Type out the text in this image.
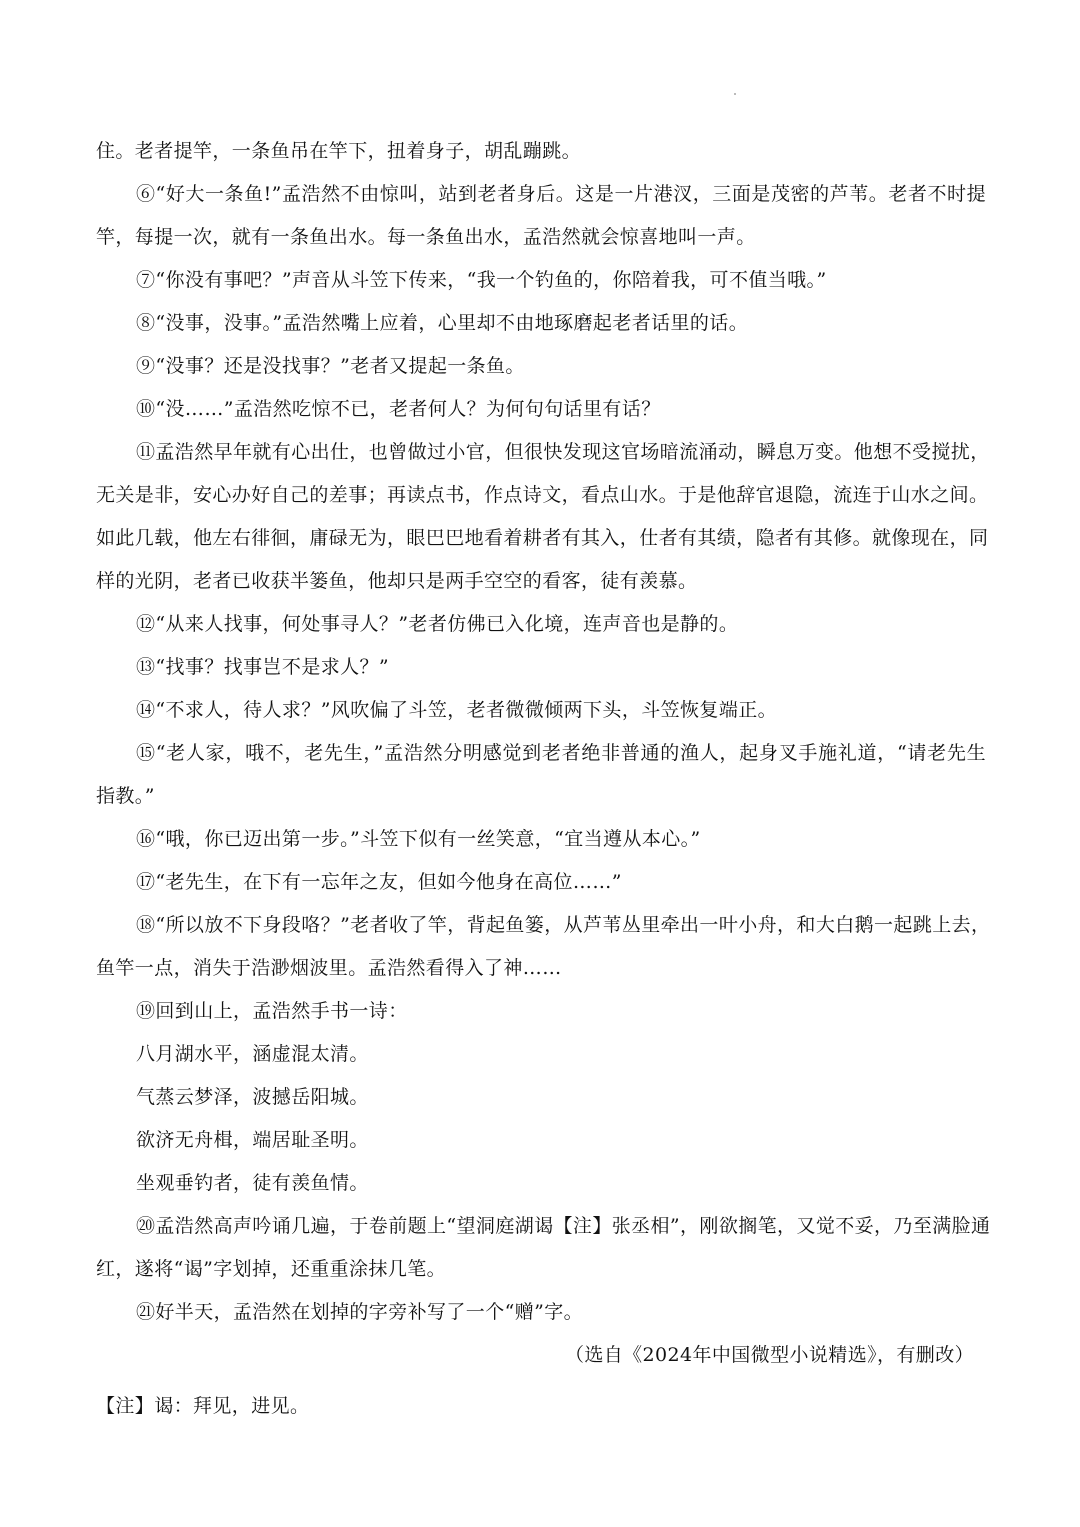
住。老者提竿，一条鱼吊在竿下，扭着身子，胡乱蹦跳。

⑥“好大一条鱼!”孟浩然不由惊叫，站到老者身后。这是一片港汊，三面是茂密的芦苇。老者不时提

竿，每提一次，就有一条鱼出水。每一条鱼出水，孟浩然就会惊喜地叫一声。

⑦“你没有事吧？”声音从斗笠下传来，“我一个钓鱼的，你陪着我，可不值当哦。”

⑧“没事，没事。”孟浩然嘴上应着，心里却不由地琢磨起老者话里的话。

⑨“没事？还是没找事？”老者又提起一条鱼。

⑩“没……”孟浩然吃惊不已，老者何人？为何句句话里有话？

⑪孟浩然早年就有心出仕，也曾做过小官，但很快发现这官场暗流涌动，瞬息万变。他想不受搅扰，

无关是非，安心办好自己的差事；再读点书，作点诗文，看点山水。于是他辞官退隐，流连于山水之间。

如此几载，他左右徘徊，庸碌无为，眼巴巴地看着耕者有其入，仕者有其绩，隐者有其修。就像现在，同

样的光阴，老者已收获半篓鱼，他却只是两手空空的看客，徒有羡慕。

⑫“从来人找事，何处事寻人？”老者仿佛已入化境，连声音也是静的。

⑬“找事？找事岂不是求人？”

⑭“不求人，待人求？”风吹偏了斗笠，老者微微倾两下头，斗笠恢复端正。

⑮“老人家，哦不，老先生，”孟浩然分明感觉到老者绝非普通的渔人，起身叉手施礼道，“请老先生

指教。”

⑯“哦，你已迈出第一步。”斗笠下似有一丝笑意，“宜当遵从本心。”

⑰“老先生，在下有一忘年之友，但如今他身在高位……”

⑱“所以放不下身段咯？”老者收了竿，背起鱼篓，从芦苇丛里牵出一叶小舟，和大白鹅一起跳上去，

鱼竿一点，消失于浩渺烟波里。孟浩然看得入了神……

⑲回到山上，孟浩然手书一诗：

八月湖水平，涵虚混太清。

气蒸云梦泽，波撼岳阳城。

欲济无舟楫，端居耻圣明。

坐观垂钓者，徒有羡鱼情。

⑳孟浩然高声吟诵几遍，于卷前题上“望洞庭湖谒【注】张丞相”，刚欲搁笔，又觉不妥，乃至满脸通

红，遂将“谒”字划掉，还重重涂抹几笔。

㉑好半天，孟浩然在划掉的字旁补写了一个“赠”字。

（选自《2024年中国微型小说精选》，有删改）

【注】谒：拜见，进见。
